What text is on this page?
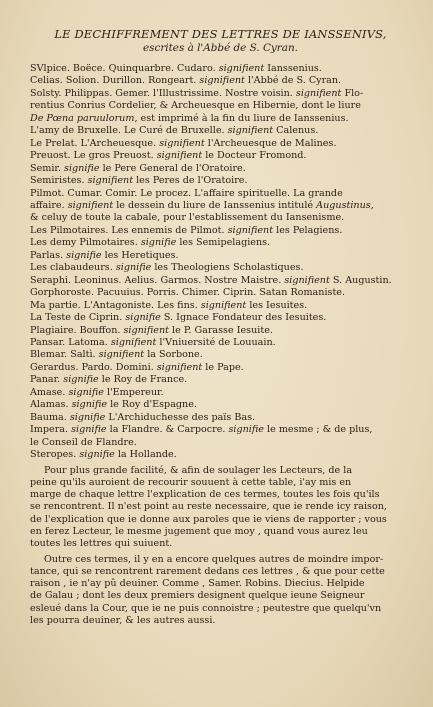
LE DECHIFFREMENT DES LETTRES DE IANSSENIVS,
escrites à l'Abbé de S. Cyran.
SVlpice. Boëce. Quinquarbre. Cudaro. signifient Ianssenius.
Celias. Solion. Durillon. Rongeart. signifient l'Abbé de S. Cyran.
Solsty. Philippas. Gemer. l'Illustrissime. Nostre voisin. signifient Flo-
rentius Conrius Cordelier, & Archeuesque en Hibernie, dont le liure
De Pœna paruulorum, est imprimé à la fin du liure de Ianssenius.
L'amy de Bruxelle. Le Curé de Bruxelle. signifient Calenus.
Le Prelat. L'Archeuesque. signifient l'Archeuesque de Malines.
Preuost. Le gros Preuost. signifient le Docteur Fromond.
Semir. signifie le Pere General de l'Oratoire.
Semiristes. signifient les Peres de l'Oratoire.
Pilmot. Cumar. Comir. Le procez. L'affaire spirituelle. La grande
affaire. signifient le dessein du liure de Ianssenius intitulé Augustinus,
& celuy de toute la cabale, pour l'establissement du Iansenisme.
Les Pilmotaires. Les ennemis de Pilmot. signifient les Pelagiens.
Les demy Pilmotaires. signifie les Semipelagiens.
Parlas. signifie les Heretiques.
Les clabaudeurs. signifie les Theologiens Scholastiques.
Seraphi. Leoninus. Aelius. Garmos. Nostre Maistre. signifient S. Augustin.
Gorphoroste. Pacuuius. Porris. Chimer. Ciprin. Satan Romaniste.
Ma partie. L'Antagoniste. Les fins. signifient les Iesuites.
La Teste de Ciprin. signifie S. Ignace Fondateur des Iesuites.
Plagiaire. Bouffon. signifient le P. Garasse Iesuite.
Pansar. Latoma. signifient l'Vniuersité de Louuain.
Blemar. Saltì. signifient la Sorbone.
Gerardus. Pardo. Domini. signifient le Pape.
Panar. signifie le Roy de France.
Amase. signifie l'Empereur.
Alamas. signifie le Roy d'Espagne.
Bauma. signifie L'Archiduchesse des païs Bas.
Impera. signifie la Flandre. & Carpocre. signifie le mesme ; & de plus,
le Conseil de Flandre.
Steropes. signifie la Hollande.
Pour plus grande facilité, & afin de soulager les Lecteurs, de la
peine qu'ils auroient de recourir souuent à cette table, i'ay mis en
marge de chaque lettre l'explication de ces termes, toutes les fois qu'ils
se rencontrent. Il n'est point au reste necessaire, que ie rende icy raison,
de l'explication que ie donne aux paroles que ie viens de rapporter ; vous
en ferez Lecteur, le mesme jugement que moy , quand vous aurez leu
toutes les lettres qui suiuent.
Outre ces termes, il y en a encore quelques autres de moindre impor-
tance, qui se rencontrent rarement dedans ces lettres , & que pour cette
raison , ie n'ay pû deuiner. Comme , Samer. Robins. Diecius. Helpide
de Galau ; dont les deux premiers designent quelque ieune Seigneur
esleué dans la Cour, que ie ne puis connoistre ; peutestre que quelqu'vn
les pourra deuiner, & les autres aussi.
